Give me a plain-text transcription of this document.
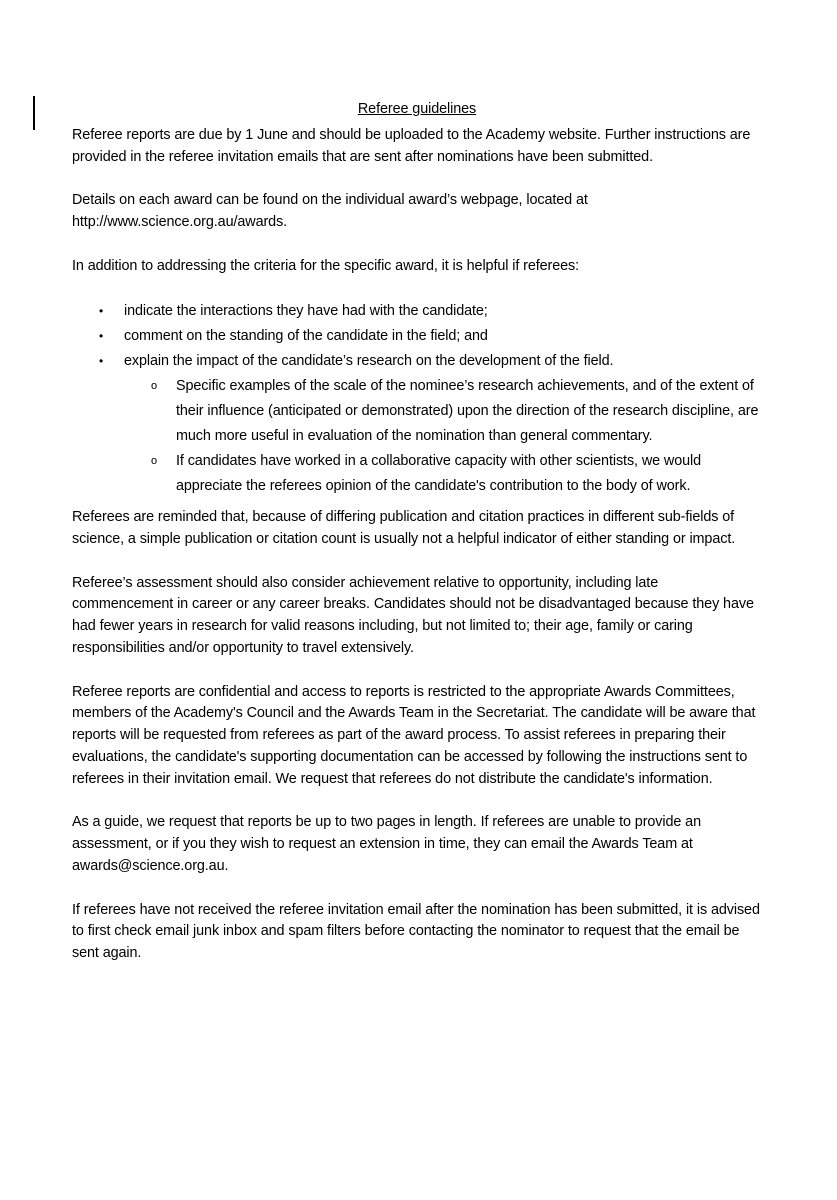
Referee guidelines

Referee reports are due by 1 June and should be uploaded to the Academy website. Further instructions are provided in the referee invitation emails that are sent after nominations have been submitted.

Details on each award can be found on the individual award’s webpage, located at http://www.science.org.au/awards.

In addition to addressing the criteria for the specific award, it is helpful if referees:

• indicate the interactions they have had with the candidate;
• comment on the standing of the candidate in the field; and
• explain the impact of the candidate’s research on the development of the field.
o Specific examples of the scale of the nominee’s research achievements, and of the extent of their influence (anticipated or demonstrated) upon the direction of the research discipline, are much more useful in evaluation of the nomination than general commentary.
o If candidates have worked in a collaborative capacity with other scientists, we would appreciate the referees opinion of the candidate's contribution to the body of work.

Referees are reminded that, because of differing publication and citation practices in different sub-fields of science, a simple publication or citation count is usually not a helpful indicator of either standing or impact.

Referee’s assessment should also consider achievement relative to opportunity, including late commencement in career or any career breaks. Candidates should not be disadvantaged because they have had fewer years in research for valid reasons including, but not limited to; their age, family or caring responsibilities and/or opportunity to travel extensively.

Referee reports are confidential and access to reports is restricted to the appropriate Awards Committees, members of the Academy's Council and the Awards Team in the Secretariat. The candidate will be aware that reports will be requested from referees as part of the award process. To assist referees in preparing their evaluations, the candidate's supporting documentation can be accessed by following the instructions sent to referees in their invitation email. We request that referees do not distribute the candidate's information.

As a guide, we request that reports be up to two pages in length. If referees are unable to provide an assessment, or if you they wish to request an extension in time, they can email the Awards Team at awards@science.org.au.

If referees have not received the referee invitation email after the nomination has been submitted, it is advised to first check email junk inbox and spam filters before contacting the nominator to request that the email be sent again.
